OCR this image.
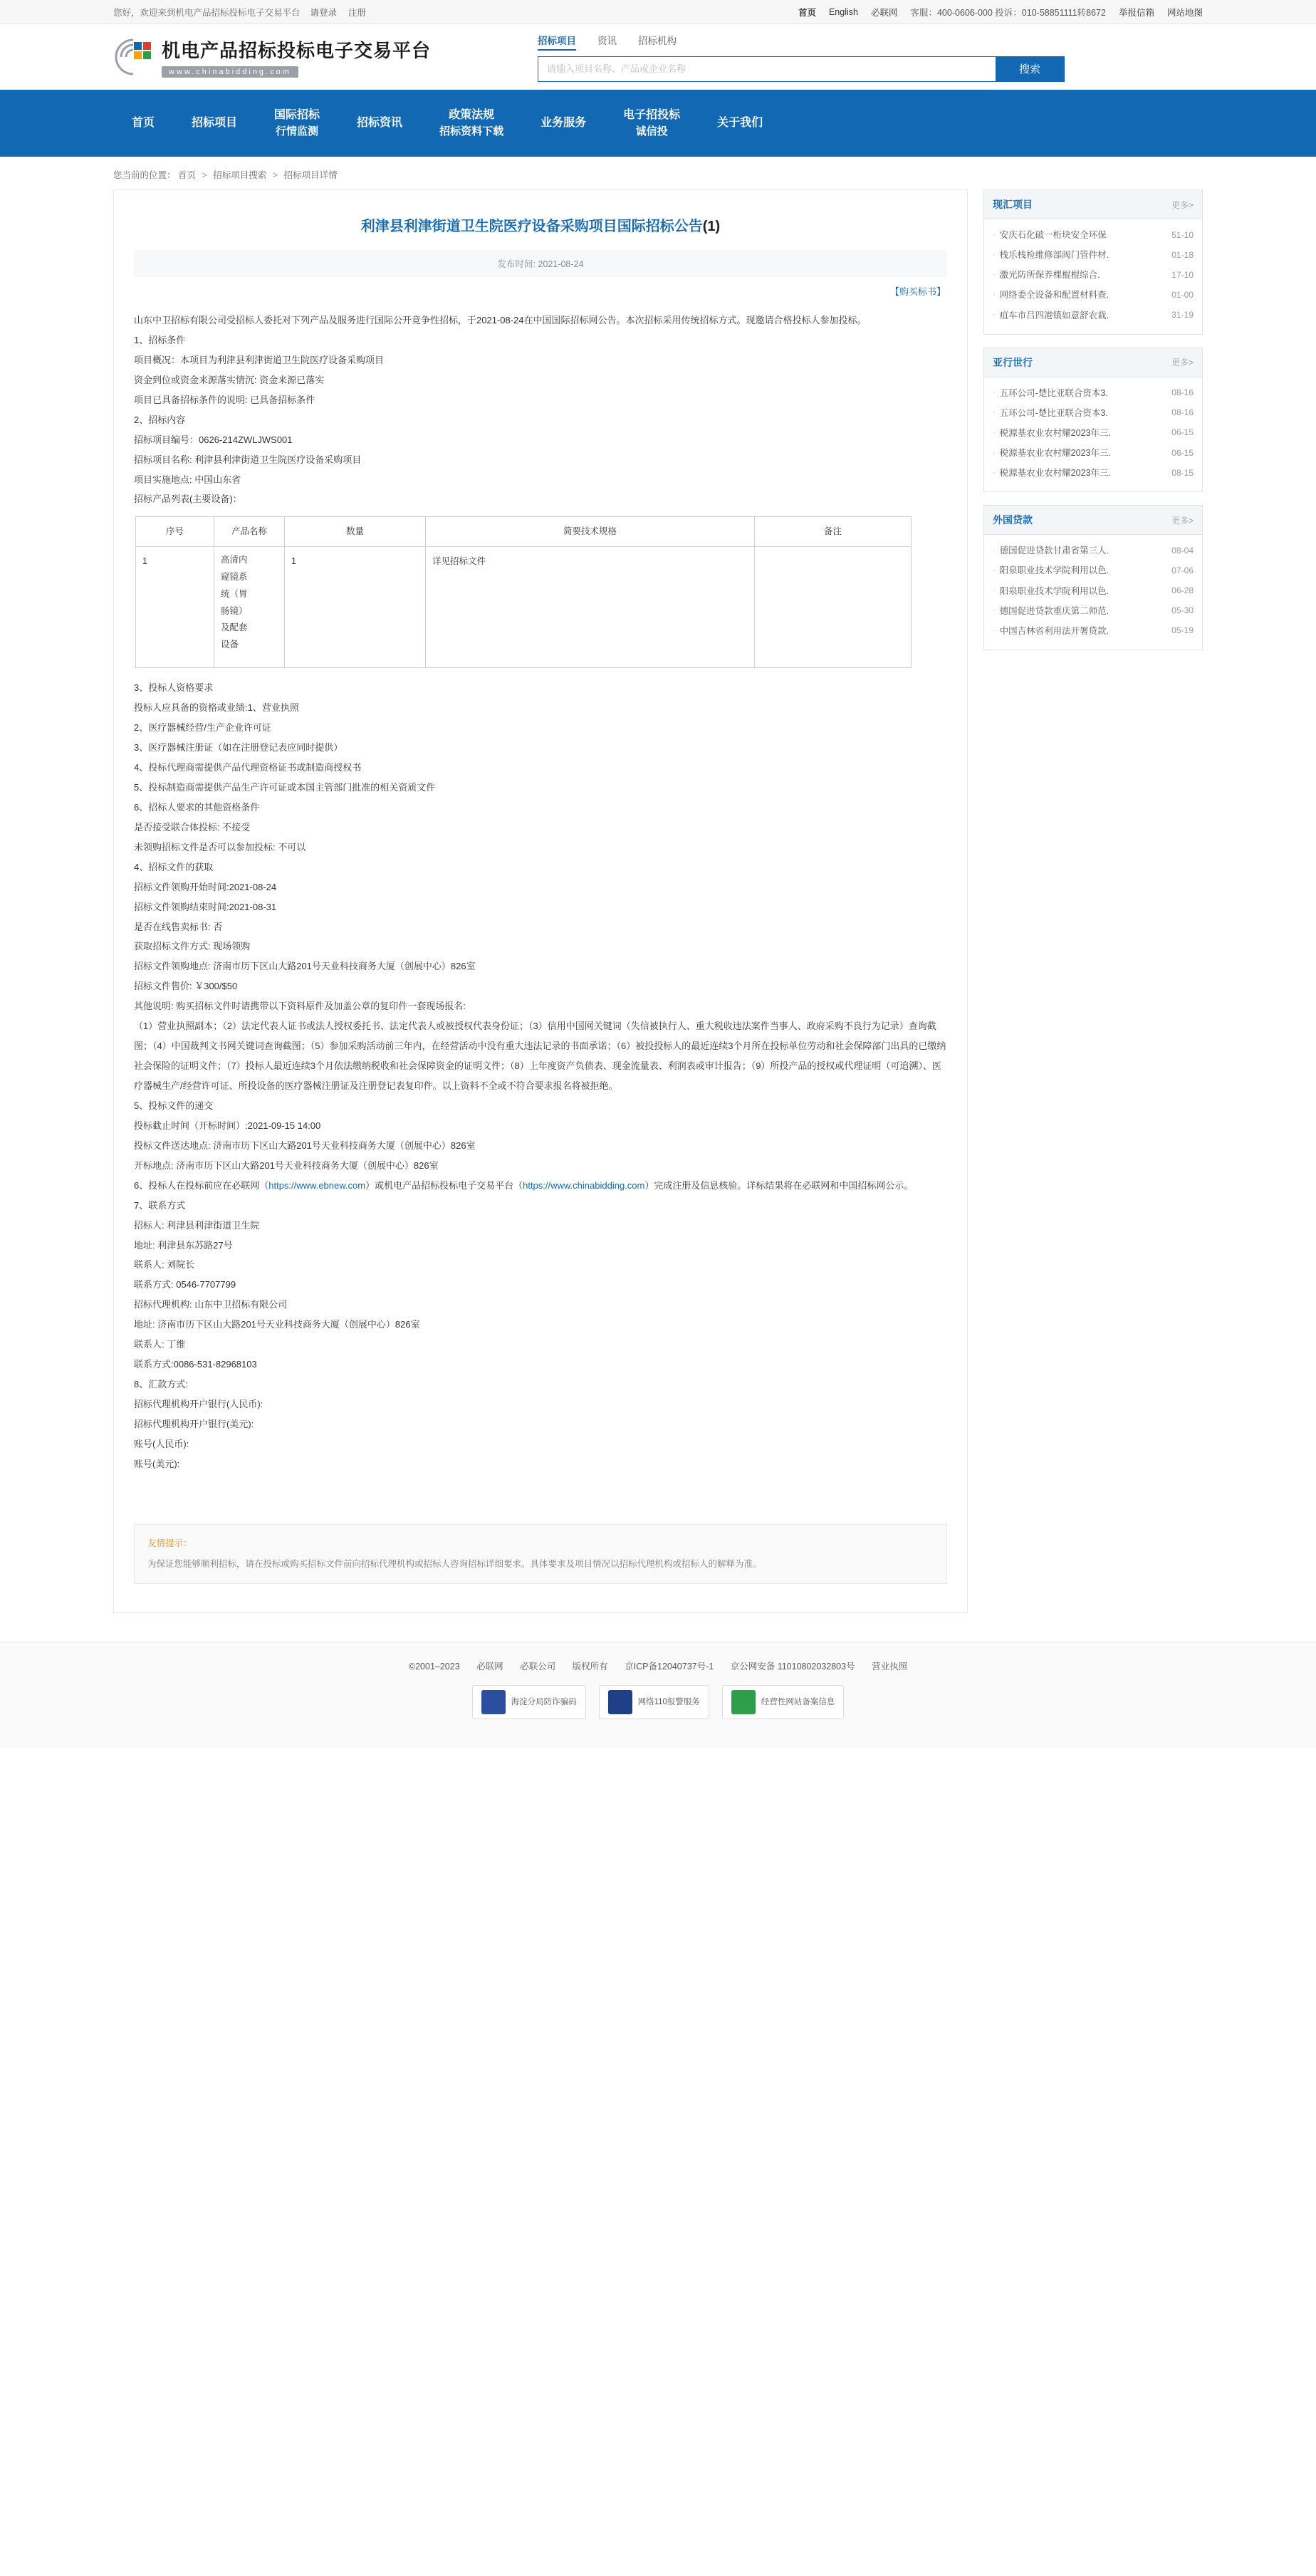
您好，欢迎来到机电产品招标投标电子交易平台 请登录 注册	首页 English 必联网 客服：400-0606-000 投诉：010-58851111转8672 举报信箱 网站地图
机电产品招标投标电子交易平台
www.chinabidding.com
招标项目 资讯 招标机构
请输入项目名称、产品或企业名称
搜索
首页	招标项目
国际招标
行情监测
招标资讯
政策法规
招标资料下载
业务服务
电子招投标
诚信投
关于我们
您当前的位置： 首页 > 招标项目搜索 > 招标项目详情
利津县利津街道卫生院医疗设备采购项目国际招标公告(1)
发布时间: 2021-08-24
【购买标书】

山东中卫招标有限公司受招标人委托对下列产品及服务进行国际公开竞争性招标，于2021-08-24在中国国际招标网公告。本次招标采用传统招标方式。现邀请合格投标人参加投标。

1、招标条件

项目概况：本项目为利津县利津街道卫生院医疗设备采购项目

资金到位或资金来源落实情沉: 资金来源已落实

项目已具备招标条件的说明: 已具备招标条件

2、招标内容

招标项目编号：0626-214ZWLJWS001

招标项目名称: 利津县利津街道卫生院医疗设备采购项目

项目实施地点: 中国山东省

招标产品列表(主要设备)：

序号	产品名称	数量	简要技术规格	备注
1	高清内窥镜系统（胃肠镜）及配套设备	1	详见招标文件	

3、投标人资格要求

投标人应具备的资格或业绩:1、营业执照

2、医疗器械经营/生产企业许可证

3、医疗器械注册证（如在注册登记表应同时提供）

4、投标代理商需提供产品代理资格证书或制造商授权书

5、投标制造商需提供产品生产许可证或本国主管部门批准的相关资质文件

6、招标人要求的其他资格条件

是否接受联合体投标: 不接受

未领购招标文件是否可以参加投标: 不可以

4、招标文件的获取

招标文件领购开始时间:2021-08-24

招标文件领购结束时间:2021-08-31

是否在线售卖标书: 否

获取招标文件方式: 现场领购

招标文件领购地点: 济南市历下区山大路201号天业科技商务大厦（创展中心）826室

招标文件售价: ￥300/$50

其他说明: 购买招标文件时请携带以下资料原件及加盖公章的复印件一套现场报名:

（1）营业执照副本；（2）法定代表人证书或法人授权委托书、法定代表人或被授权代表身份证；（3）信用中国网关键词（失信被执行人、重大税收违法案件当事人、政府采购不良行为记录）查询截图；（4）中国裁判文书网关键词查询截图；（5）参加采购活动前三年内，在经营活动中没有重大违法记录的书面承诺；（6）被投投标人的最近连续3个月所在投标单位劳动和社会保障部门出具的已缴纳社会保险的证明文件；（7）投标人最近连续3个月依法缴纳税收和社会保障资金的证明文件；（8）上年度资产负债表、现金流量表、利润表或审计报告；（9）所投产品的授权或代理证明（可追溯）、医疗器械生产/经营许可证、所投设备的医疗器械注册证及注册登记表复印件。以上资料不全或不符合要求报名将被拒绝。

5、投标文件的递交

投标截止时间（开标时间）:2021-09-15 14:00

投标文件送达地点: 济南市历下区山大路201号天业科技商务大厦（创展中心）826室

开标地点: 济南市历下区山大路201号天业科技商务大厦（创展中心）826室

6、投标人在投标前应在必联网（https://www.ebnew.com）或机电产品招标投标电子交易平台（https://www.chinabidding.com）完成注册及信息核验。详标结果将在必联网和中国招标网公示。

7、联系方式

招标人: 利津县利津街道卫生院

地址: 利津县东苏路27号

联系人: 刘院长

联系方式: 0546-7707799

招标代理机构: 山东中卫招标有限公司

地址: 济南市历下区山大路201号天业科技商务大厦（创展中心）826室

联系人: 丁维

联系方式:0086-531-82968103

8、汇款方式:

招标代理机构开户银行(人民币):

招标代理机构开户银行(美元):

账号(人民币):

账号(美元):

友情提示：
为保证您能够顺利招标，请在投标或购买招标文件前向招标代理机构或招标人咨询招标详细要求。具体要求及项目情况以招标代理机构或招标人的解释为准。
现汇项目	更多>
· 安庆石化破一桁块安全环保	51-10
· 栈乐栈检维修部阀门管件材.	01-18
· 激光防所保养棵棍棍综合.	17-10
· 网络委全设备和配置材料查.	01-00
· 疽车市吕四港镇如意舒农栽.	31-19
亚行世行	更多>
· 五环公司-楚比亚联合资本3.	08-16
· 五环公司-楚比亚联合资本3.	08-16
· 税源基农业农村耀2023年三.	06-15
· 税源基农业农村耀2023年三.	06-15
· 税源基农业农村耀2023年三.	08-15
外国贷款	更多>
· 德国促进贷款甘肃省第三人.	08-04
· 阳泉职业技术学院利用以色.	07-06
· 阳泉职业技术学院利用以色.	06-28
· 德国促进贷款重庆第二师范.	05-30
· 中国吉林省利用法开署贷款.	05-19
©2001–2023 必联网 必联公司 版权所有 京ICP备12040737号-1 京公网安备 11010802032803号 营业执照
海淀分局防诈骗码	网络110报警服务	经营性网站备案信息
